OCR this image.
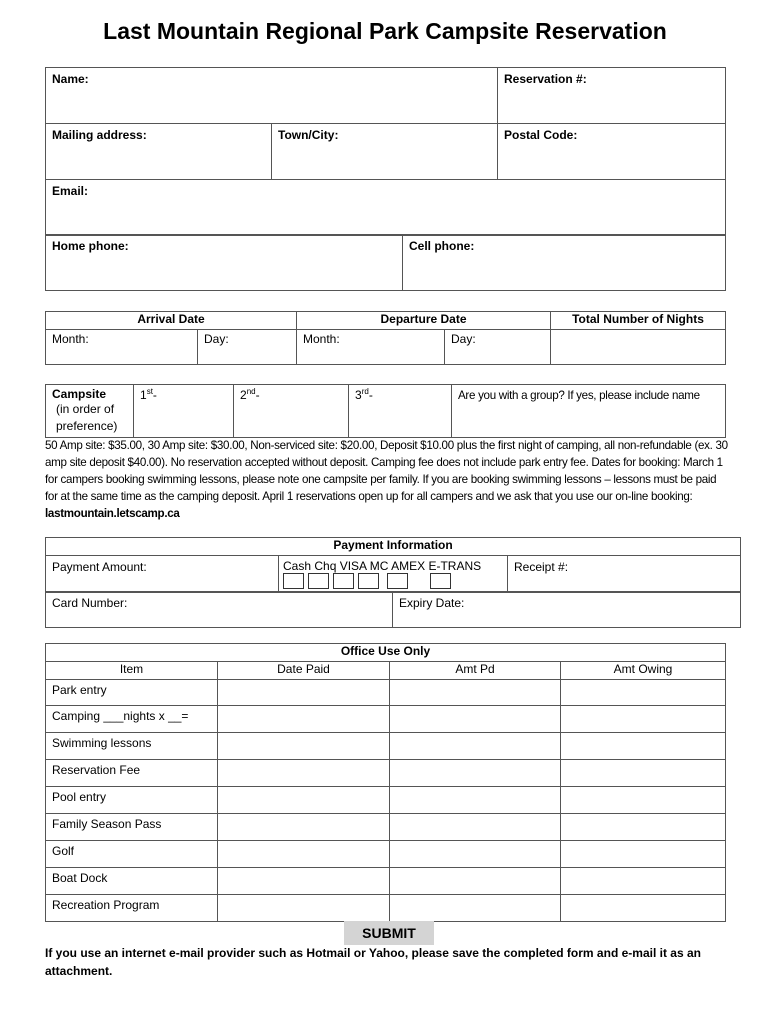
Last Mountain Regional Park Campsite Reservation
Name:		Reservation #:

Mailing address:	Town/City:	Postal Code:

Email:		
Home phone:	Cell phone:
Arrival Date		Departure Date		Total Number of Nights

Month:	Day:	Month:	Day:	

Campsite
(in order of preference)

1st-	2nd-	3rd-	Are you with a group? If yes, please include name
50 Amp site: $35.00, 30 Amp site: $30.00, Non-serviced site: $20.00, Deposit $10.00 plus the first night of camping, all non-refundable (ex. 30 amp site deposit $40.00). No reservation accepted without deposit. Camping fee does not include park entry fee. Dates for booking: March 1 for campers booking swimming lessons, please note one campsite per family. If you are booking swimming lessons – lessons must be paid for at the same time as the camping deposit. April 1 reservations open up for all campers and we ask that you use our on-line booking: lastmountain.letscamp.ca
Payment Information

Payment Amount:	Cash Chq VISA MC AMEX E-TRANS	Receipt #:
Card Number:	Expiry Date:
Office Use Only			
Item	Date Paid	Amt Pd	Amt Owing

Park entry			

Camping ___nights x __=			

Swimming lessons			

Reservation Fee			

Pool entry			

Family Season Pass			

Golf			

Boat Dock			

Recreation Program			

SUBMIT
If you use an internet e-mail provider such as Hotmail or Yahoo, please save the completed form and e-mail it as an attachment.
